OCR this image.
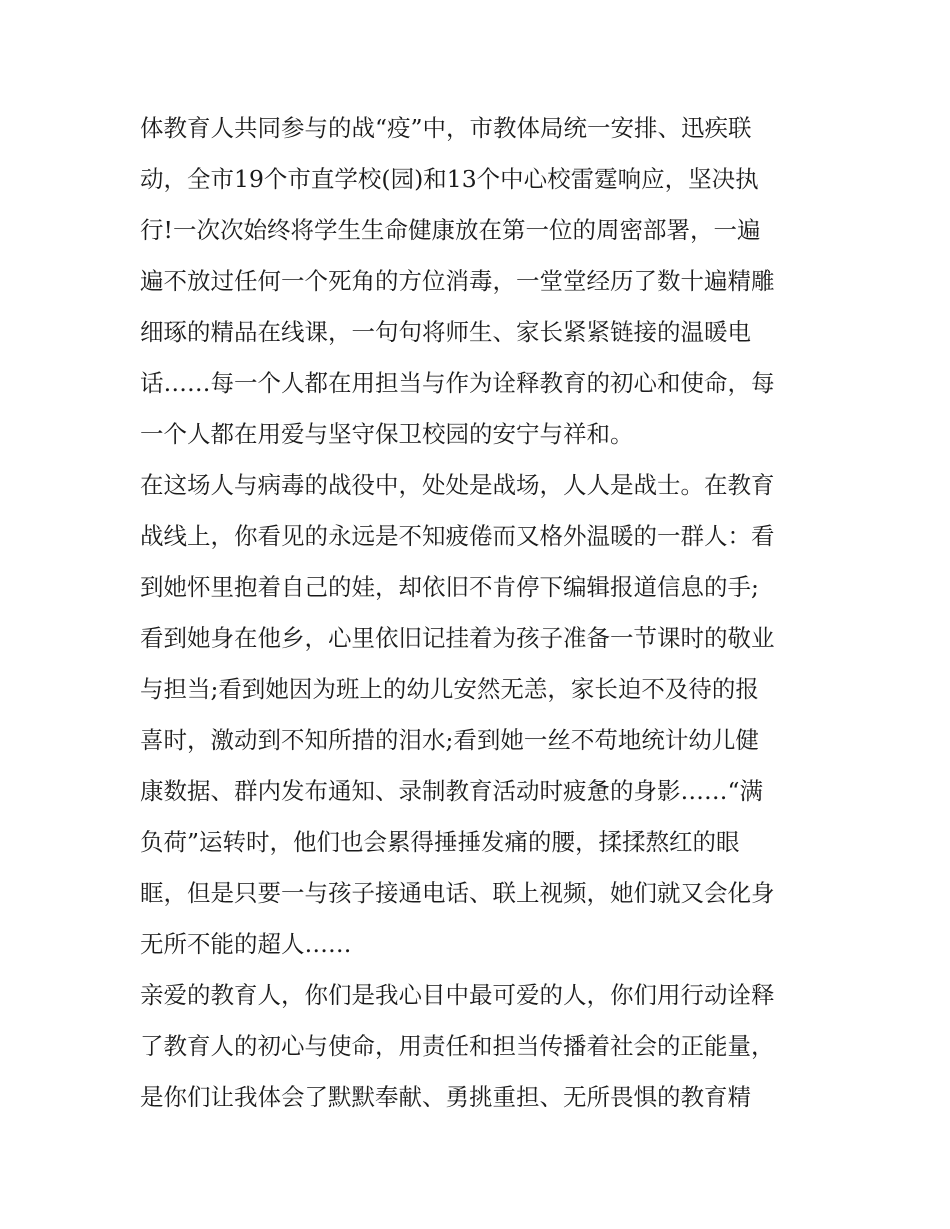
体教育人共同参与的战“疫”中，市教体局统一安排、迅疾联
动，全市19个市直学校(园)和13个中心校雷霆响应，坚决执
行!一次次始终将学生生命健康放在第一位的周密部署，一遍
遍不放过任何一个死角的方位消毒，一堂堂经历了数十遍精雕
细琢的精品在线课，一句句将师生、家长紧紧链接的温暖电
话……每一个人都在用担当与作为诠释教育的初心和使命，每
一个人都在用爱与坚守保卫校园的安宁与祥和。
在这场人与病毒的战役中，处处是战场，人人是战士。在教育
战线上，你看见的永远是不知疲倦而又格外温暖的一群人：看
到她怀里抱着自己的娃，却依旧不肯停下编辑报道信息的手;
看到她身在他乡，心里依旧记挂着为孩子准备一节课时的敬业
与担当;看到她因为班上的幼儿安然无恙，家长迫不及待的报
喜时，激动到不知所措的泪水;看到她一丝不苟地统计幼儿健
康数据、群内发布通知、录制教育活动时疲惫的身影……“满
负荷”运转时，他们也会累得捶捶发痛的腰，揉揉熬红的眼
眶，但是只要一与孩子接通电话、联上视频，她们就又会化身
无所不能的超人……
亲爱的教育人，你们是我心目中最可爱的人，你们用行动诠释
了教育人的初心与使命，用责任和担当传播着社会的正能量，
是你们让我体会了默默奉献、勇挑重担、无所畏惧的教育精
